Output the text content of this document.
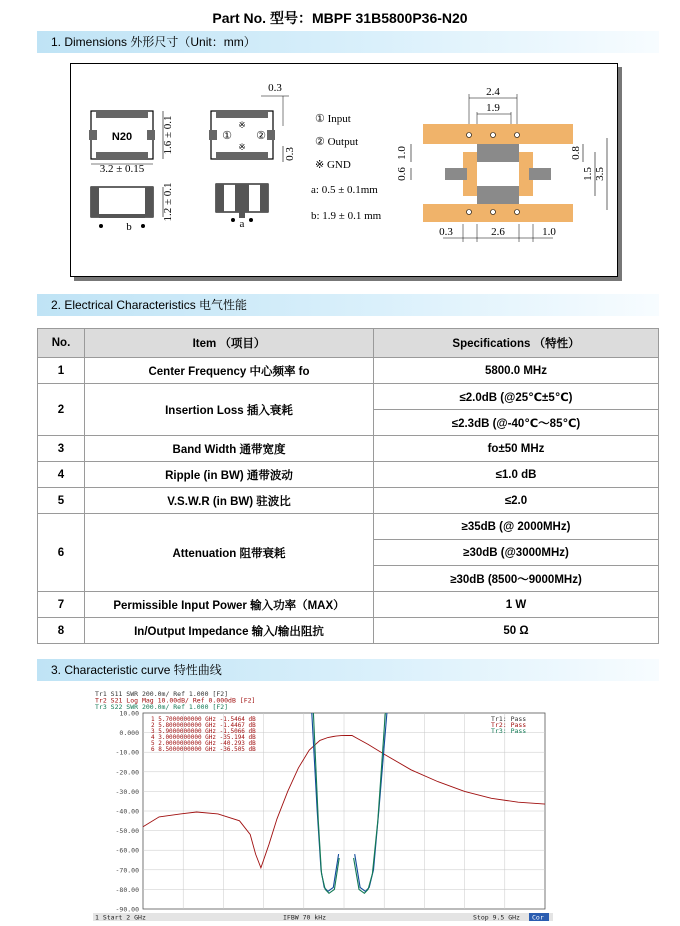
Part No. 型号：MBPF 31B5800P36-N20
1. Dimensions 外形尺寸（Unit：mm）
N20
3.2 ± 0.15
1.6 ± 0.1
b
1.2 ± 0.1
0.3
① ②
※
※
0.3
a
① Input
② Output
※ GND
a: 0.5 ± 0.1mm
b: 1.9 ± 0.1 mm
2.4
1.9
1.0
0.6
0.8
1.5 3.5
0.3	2.6	1.0
2. Electrical Characteristics 电气性能
No.	Item （项目）	Specifications （特性）
1	Center Frequency 中心频率 fo	5800.0 MHz
2	Insertion Loss 插入衰耗	≤2.0dB (@25℃±5℃)
		≤2.3dB (@-40℃～85℃)
3	Band Width 通带宽度	fo±50 MHz
4	Ripple (in BW) 通带波动	≤1.0 dB
5	V.S.W.R (in BW) 驻波比	≤2.0
6	Attenuation 阻带衰耗	≥35dB (@ 2000MHz)
		≥30dB (@3000MHz)
		≥30dB (8500～9000MHz)
7	Permissible Input Power 输入功率（MAX）	1 W
8	In/Output Impedance 输入/输出阻抗	50 Ω
3. Characteristic curve 特性曲线
10.00
0.000
-10.00
-20.00
-30.00
-40.00
-50.00
-60.00
-70.00
-80.00
-90.00
Tr1 S11 SWR 200.0m/ Ref 1.000 [F2]
Tr2 S21 Log Mag 10.00dB/ Ref 0.000dB [F2]
Tr3 S22 SWR 200.0m/ Ref 1.000 [F2]
1 5.7000000000 GHz -1.5464 dB
2 5.8000000000 GHz -1.4467 dB
3 5.9000000000 GHz -1.5066 dB
4 3.0000000000 GHz -35.194 dB
5 2.0000000000 GHz -40.293 dB
6 8.5000000000 GHz -36.505 dB
Tr1: Pass
Tr2: Pass
Tr3: Pass
1 Start 2 GHz	IFBW 70 kHz	Stop 9.5 GHz Cor
